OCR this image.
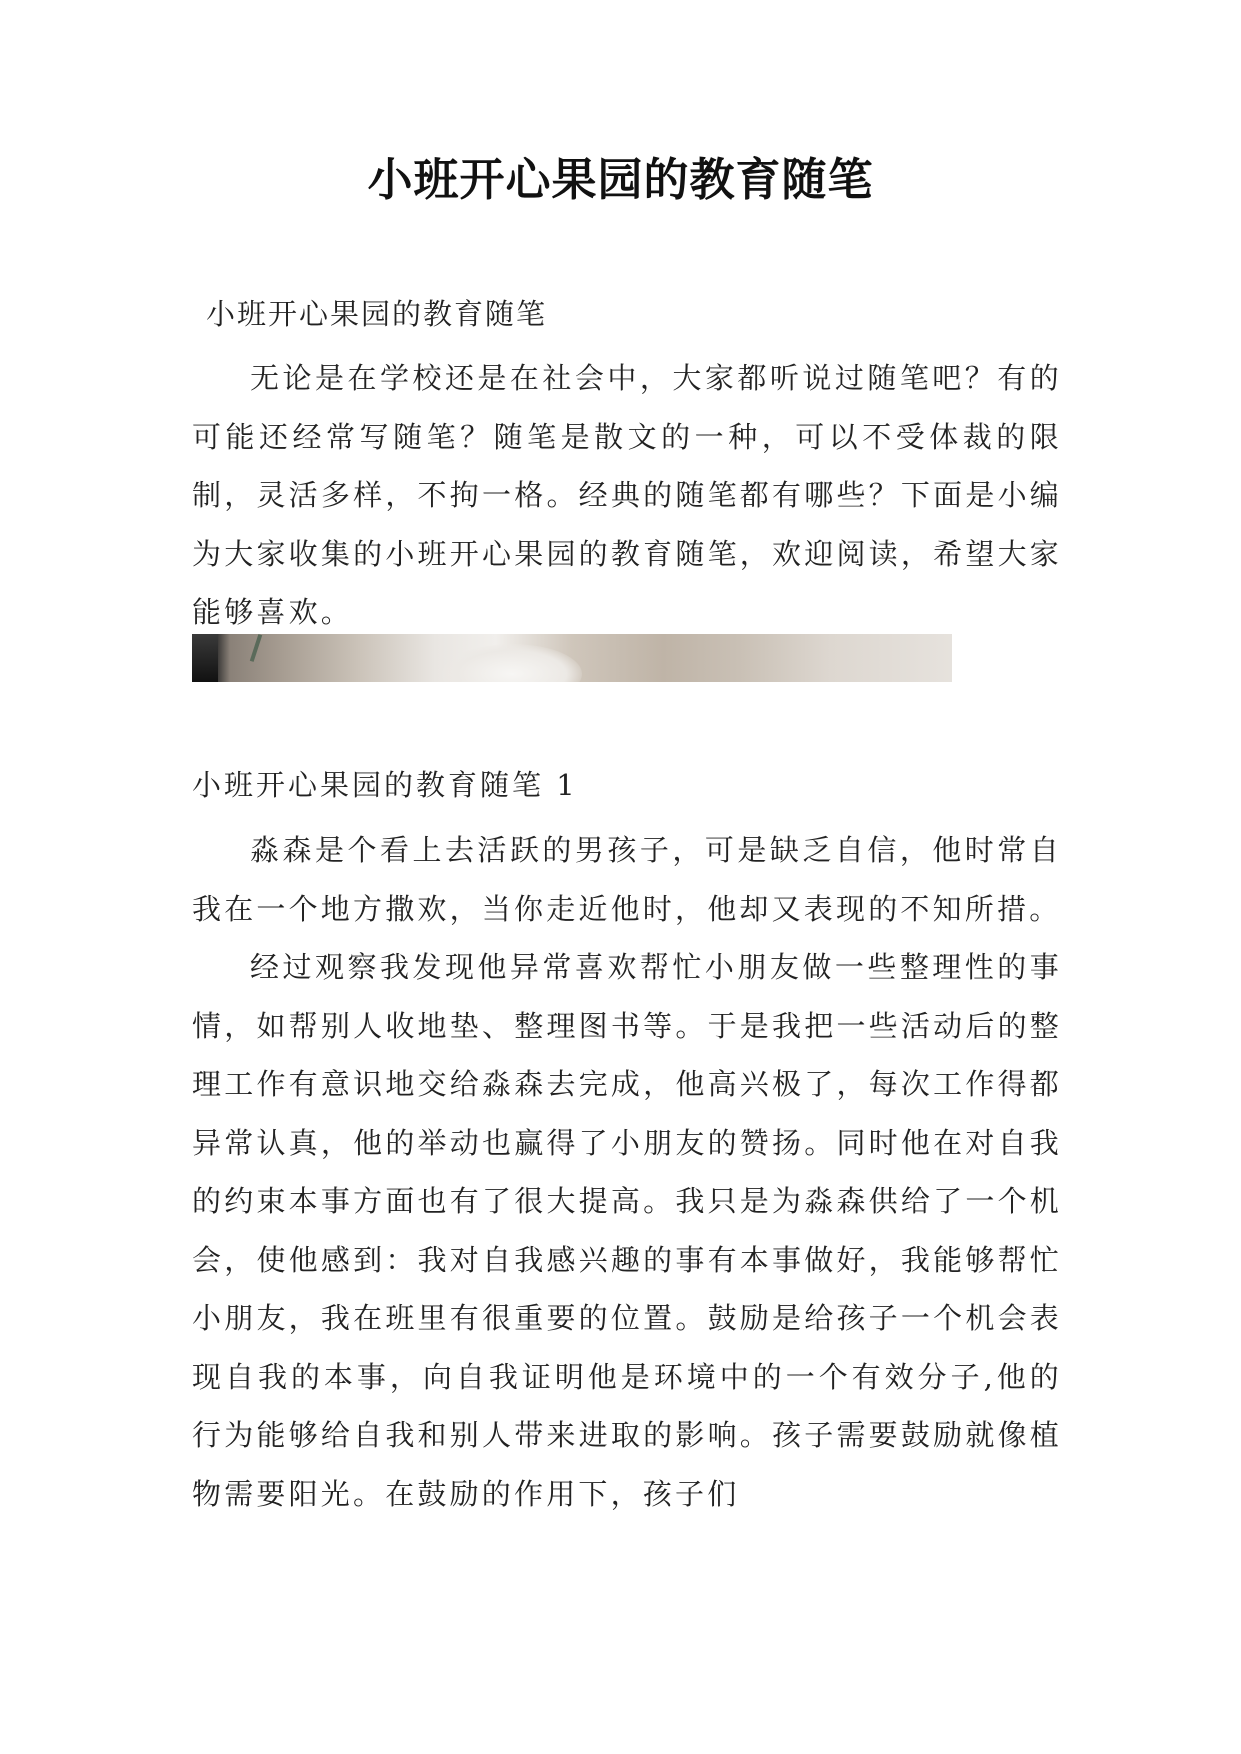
小班开心果园的教育随笔
小班开心果园的教育随笔

无论是在学校还是在社会中，大家都听说过随笔吧？有的可能还经常写随笔？随笔是散文的一种，可以不受体裁的限制，灵活多样，不拘一格。经典的随笔都有哪些？下面是小编为大家收集的小班开心果园的教育随笔，欢迎阅读，希望大家能够喜欢。

小班开心果园的教育随笔 1

淼森是个看上去活跃的男孩子，可是缺乏自信，他时常自我在一个地方撒欢，当你走近他时，他却又表现的不知所措。

经过观察我发现他异常喜欢帮忙小朋友做一些整理性的事情，如帮别人收地垫、整理图书等。于是我把一些活动后的整理工作有意识地交给淼森去完成，他高兴极了，每次工作得都异常认真，他的举动也赢得了小朋友的赞扬。同时他在对自我的约束本事方面也有了很大提高。我只是为淼森供给了一个机会，使他感到：我对自我感兴趣的事有本事做好，我能够帮忙小朋友，我在班里有很重要的位置。鼓励是给孩子一个机会表现自我的本事，向自我证明他是环境中的一个有效分子,他的行为能够给自我和别人带来进取的影响。孩子需要鼓励就像植物需要阳光。在鼓励的作用下，孩子们
